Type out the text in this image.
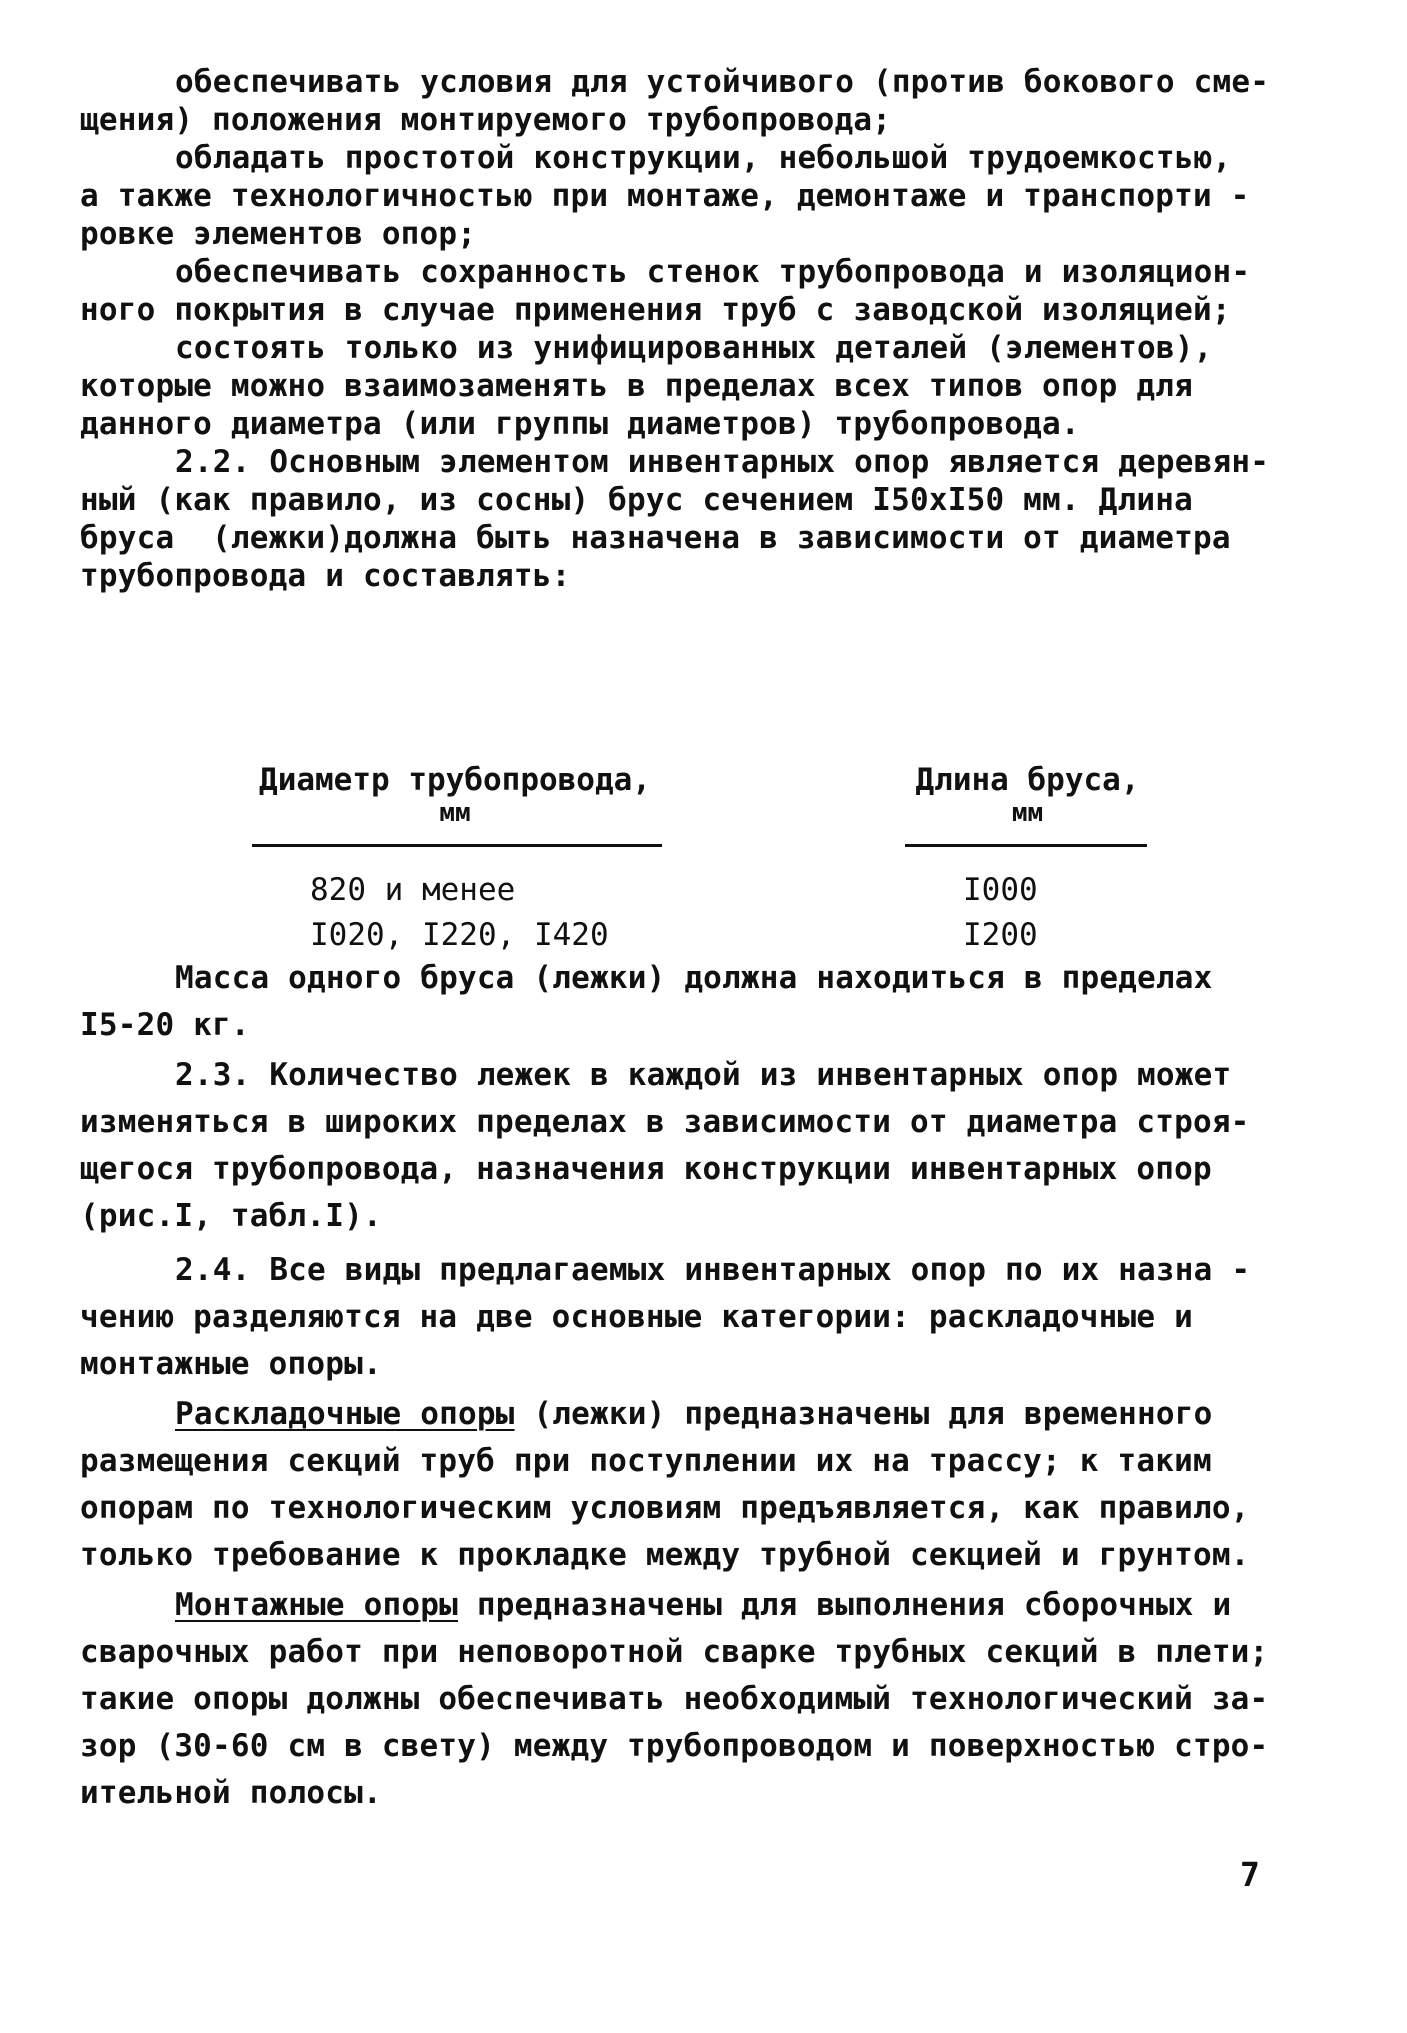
обеспечивать условия для устойчивого (против бокового сме-
щения) положения монтируемого трубопровода;
обладать простотой конструкции, небольшой трудоемкостью,
а также технологичностью при монтаже, демонтаже и транспорти -
ровке элементов опор;
обеспечивать сохранность стенок трубопровода и изоляцион-
ного покрытия в случае применения труб с заводской изоляцией;
состоять только из унифицированных деталей (элементов),
которые можно взаимозаменять в пределах всех типов опор для
данного диаметра (или группы диаметров) трубопровода.
2.2. Основным элементом инвентарных опор является деревян-
ный (как правило, из сосны) брус сечением I50xI50 мм. Длина
бруса  (лежки)должна быть назначена в зависимости от диаметра
трубопровода и составлять:
Диаметр трубопровода,
мм
Длина бруса,
мм
820 и менее	I000
I020, I220, I420	I200
Масса одного бруса (лежки) должна находиться в пределах
I5-20 кг.
2.3. Количество лежек в каждой из инвентарных опор может
изменяться в широких пределах в зависимости от диаметра строя-
щегося трубопровода, назначения конструкции инвентарных опор
(рис.I, табл.I).
2.4. Все виды предлагаемых инвентарных опор по их назна -
чению разделяются на две основные категории: раскладочные и
монтажные опоры.
Раскладочные опоры (лежки) предназначены для временного
размещения секций труб при поступлении их на трассу; к таким
опорам по технологическим условиям предъявляется, как правило,
только требование к прокладке между трубной секцией и грунтом.
Монтажные опоры предназначены для выполнения сборочных и
сварочных работ при неповоротной сварке трубных секций в плети;
такие опоры должны обеспечивать необходимый технологический за-
зор (30-60 см в свету) между трубопроводом и поверхностью стро-
ительной полосы.
7
